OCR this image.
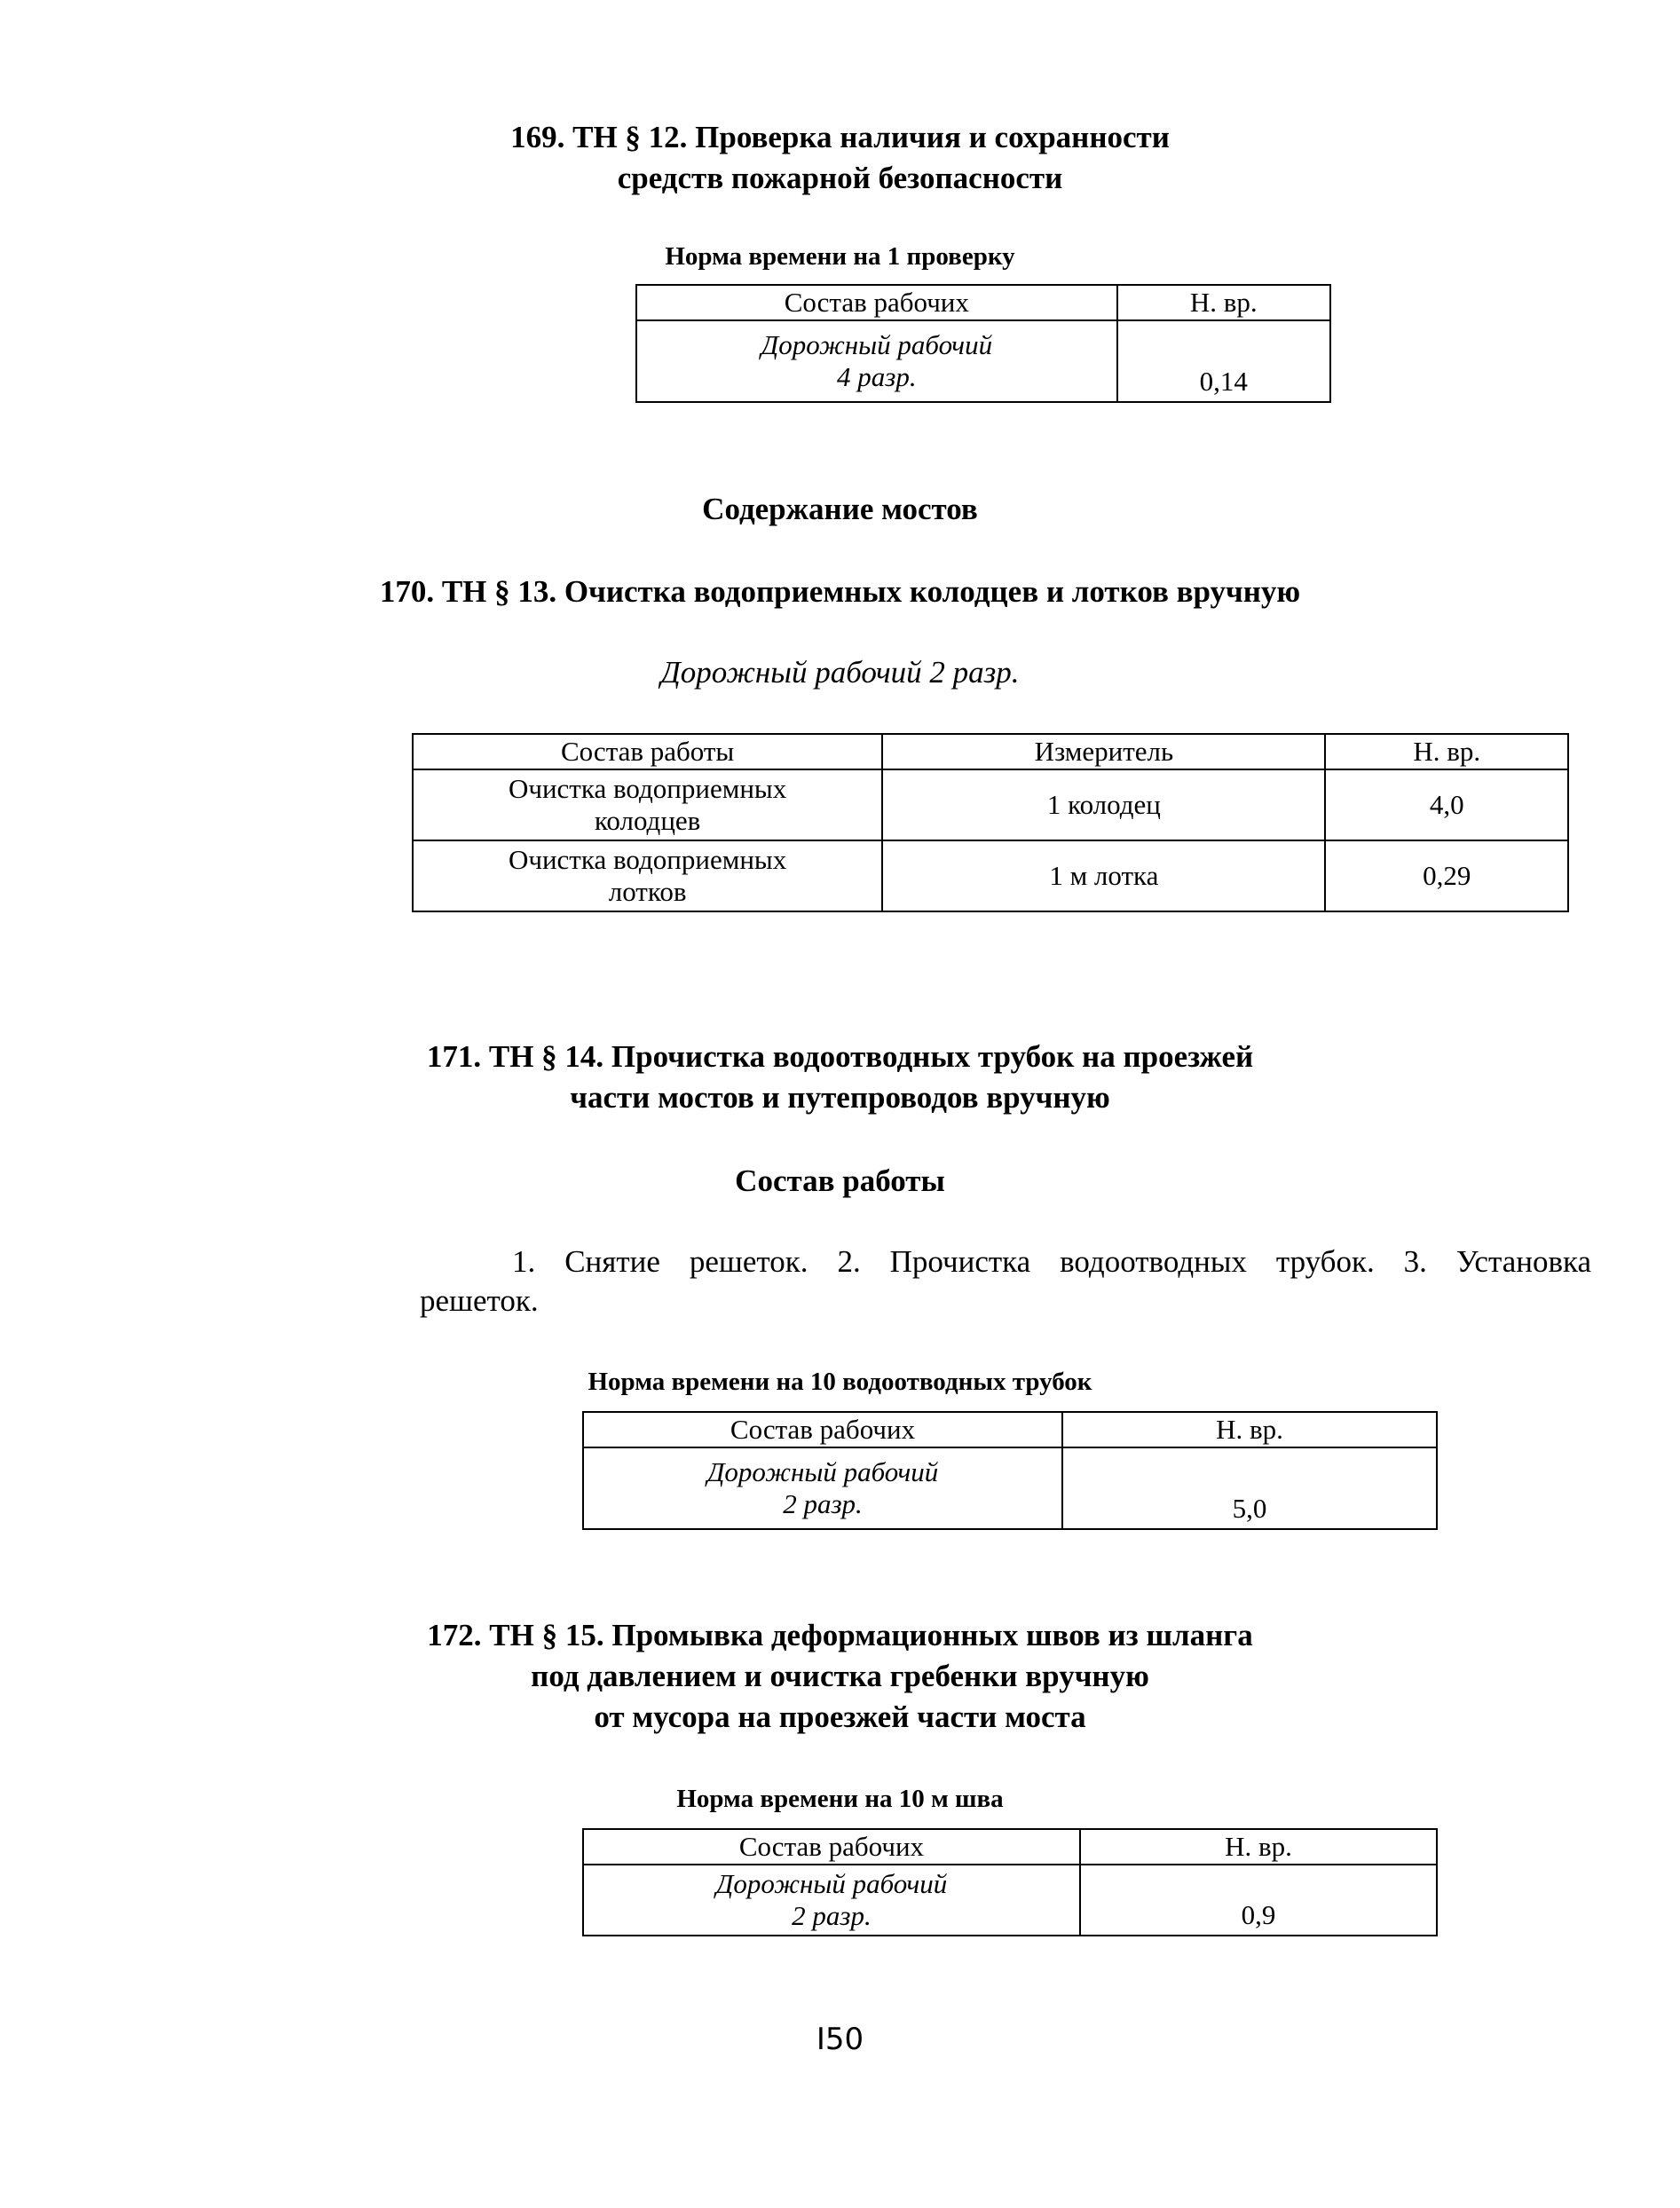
169. ТН § 12. Проверка наличия и сохранности
средств пожарной безопасности
Норма времени на 1 проверку
Состав рабочих	Н. вр.

Дорожный рабочий
4 разр.	0,14
Содержание мостов
170. ТН § 13. Очистка водоприемных колодцев и лотков вручную
Дорожный рабочий 2 разр.
Состав работы	Измеритель	Н. вр.

Очистка водоприемных
колодцев	1 колодец	4,0

Очистка водоприемных
лотков	1 м лотка	0,29
171. ТН § 14. Прочистка водоотводных трубок на проезжей
части мостов и путепроводов вручную
Состав работы
1. Снятие решеток. 2. Прочистка водоотводных трубок. 3. Установка
решеток.
Норма времени на 10 водоотводных трубок
Состав рабочих	Н. вр.

Дорожный рабочий
2 разр.	5,0
172. ТН § 15. Промывка деформационных швов из шланга
под давлением и очистка гребенки вручную
от мусора на проезжей части моста
Норма времени на 10 м шва
Состав рабочих	Н. вр.

Дорожный рабочий
2 разр.	0,9
I50
